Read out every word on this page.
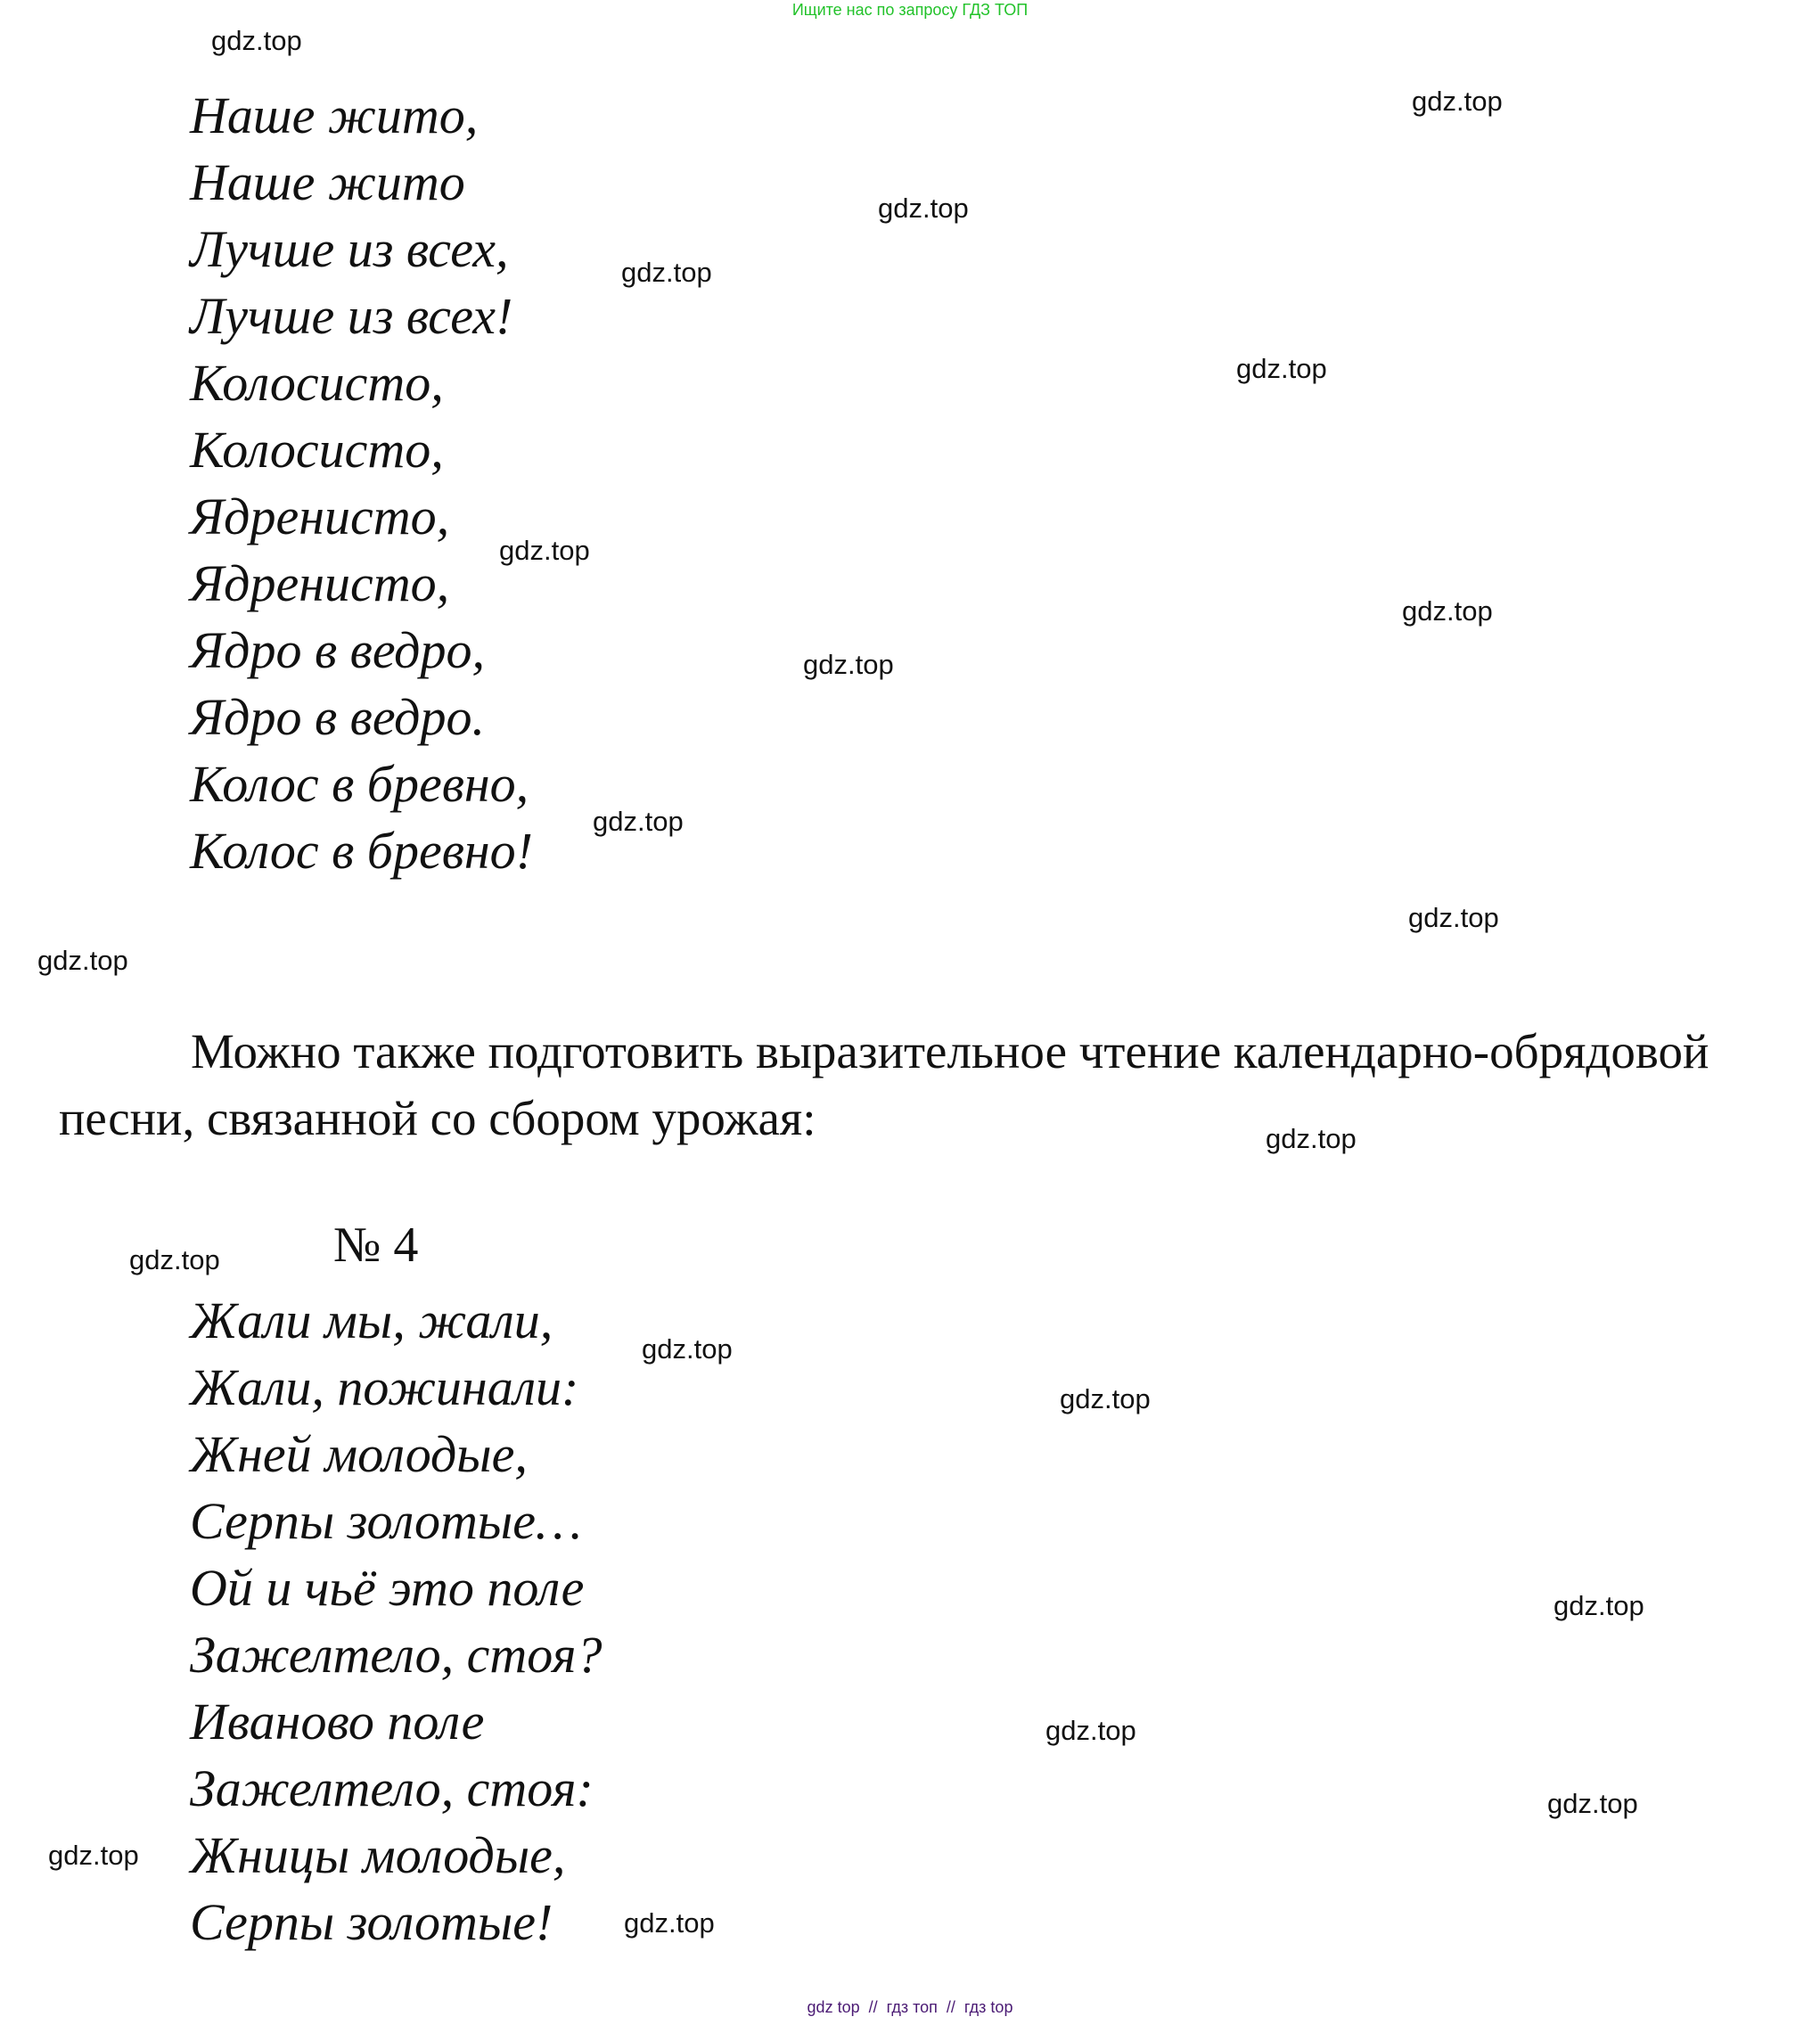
Ищите нас по запросу ГДЗ ТОП
Наше жито,
Наше жито
Лучше из всех,
Лучше из всех!
Колосисто,
Колосисто,
Ядренисто,
Ядренисто,
Ядро в ведро,
Ядро в ведро.
Колос в бревно,
Колос в бревно!
Можно также подготовить выразительное чтение календарно-обрядовой песни, связанной со сбором урожая:
№ 4
Жали мы, жали,
Жали, пожинали:
Жней молодые,
Серпы золотые…
Ой и чьё это поле
Зажелтело, стоя?
Иваново поле
Зажелтело, стоя:
Жницы молодые,
Серпы золотые!
gdz.top
gdz.top
gdz.top
gdz.top
gdz.top
gdz.top
gdz.top
gdz.top
gdz.top
gdz.top
gdz.top
gdz.top
gdz.top
gdz.top
gdz.top
gdz.top
gdz.top
gdz.top
gdz.top
gdz.top
gdz top  //  гдз топ  //  гдз top
